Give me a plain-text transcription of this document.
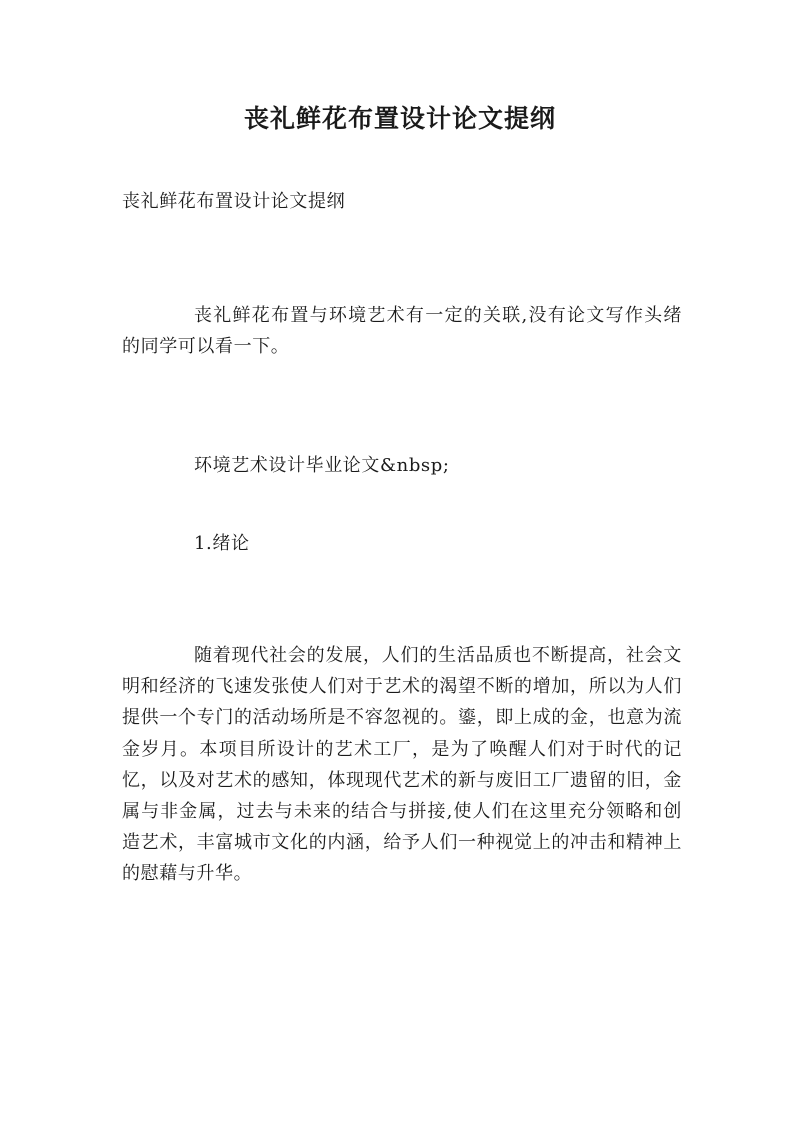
丧礼鲜花布置设计论文提纲

丧礼鲜花布置设计论文提纲

丧礼鲜花布置与环境艺术有一定的关联,没有论文写作头绪的同学可以看一下。

环境艺术设计毕业论文&nbsp;

1.绪论

随着现代社会的发展，人们的生活品质也不断提高，社会文明和经济的飞速发张使人们对于艺术的渴望不断的增加，所以为人们提供一个专门的活动场所是不容忽视的。鎏，即上成的金，也意为流金岁月。本项目所设计的艺术工厂，是为了唤醒人们对于时代的记忆，以及对艺术的感知，体现现代艺术的新与废旧工厂遗留的旧，金属与非金属，过去与未来的结合与拼接,使人们在这里充分领略和创造艺术，丰富城市文化的内涵，给予人们一种视觉上的冲击和精神上的慰藉与升华。
